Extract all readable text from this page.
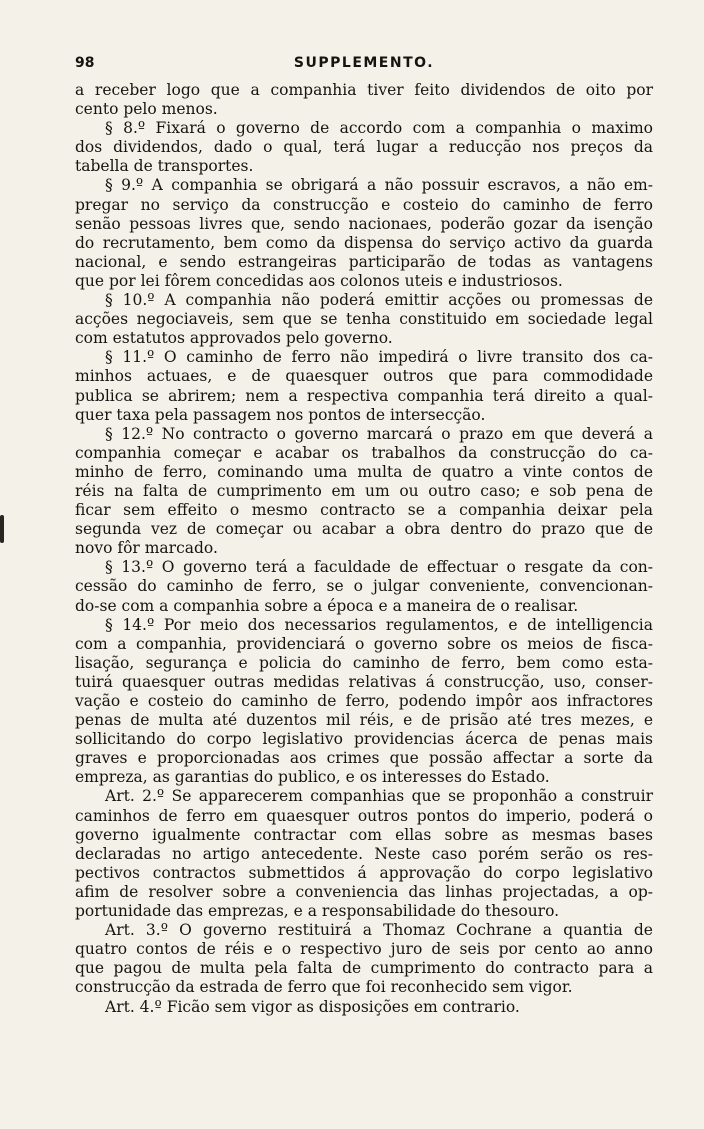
98	SUPPLEMENTO.
a receber logo que a companhia tiver feito dividendos de oito por
cento pelo menos.
§ 8.º Fixará o governo de accordo com a companhia o maximo
dos dividendos, dado o qual, terá lugar a reducção nos preços da
tabella de transportes.
§ 9.º A companhia se obrigará a não possuir escravos, a não em-
pregar no serviço da construcção e costeio do caminho de ferro
senão pessoas livres que, sendo nacionaes, poderão gozar da isenção
do recrutamento, bem como da dispensa do serviço activo da guarda
nacional, e sendo estrangeiras participarão de todas as vantagens
que por lei fôrem concedidas aos colonos uteis e industriosos.
§ 10.º A companhia não poderá emittir acções ou promessas de
acções negociaveis, sem que se tenha constituido em sociedade legal
com estatutos approvados pelo governo.
§ 11.º O caminho de ferro não impedirá o livre transito dos ca-
minhos actuaes, e de quaesquer outros que para commodidade
publica se abrirem; nem a respectiva companhia terá direito a qual-
quer taxa pela passagem nos pontos de intersecção.
§ 12.º No contracto o governo marcará o prazo em que deverá a
companhia começar e acabar os trabalhos da construcção do ca-
minho de ferro, cominando uma multa de quatro a vinte contos de
réis na falta de cumprimento em um ou outro caso; e sob pena de
ficar sem effeito o mesmo contracto se a companhia deixar pela
segunda vez de começar ou acabar a obra dentro do prazo que de
novo fôr marcado.
§ 13.º O governo terá a faculdade de effectuar o resgate da con-
cessão do caminho de ferro, se o julgar conveniente, convencionan-
do-se com a companhia sobre a época e a maneira de o realisar.
§ 14.º Por meio dos necessarios regulamentos, e de intelligencia
com a companhia, providenciará o governo sobre os meios de fisca-
lisação, segurança e policia do caminho de ferro, bem como esta-
tuirá quaesquer outras medidas relativas á construcção, uso, conser-
vação e costeio do caminho de ferro, podendo impôr aos infractores
penas de multa até duzentos mil réis, e de prisão até tres mezes, e
sollicitando do corpo legislativo providencias ácerca de penas mais
graves e proporcionadas aos crimes que possão affectar a sorte da
empreza, as garantias do publico, e os interesses do Estado.
Art. 2.º Se apparecerem companhias que se proponhão a construir
caminhos de ferro em quaesquer outros pontos do imperio, poderá o
governo igualmente contractar com ellas sobre as mesmas bases
declaradas no artigo antecedente. Neste caso porém serão os res-
pectivos contractos submettidos á approvação do corpo legislativo
afim de resolver sobre a conveniencia das linhas projectadas, a op-
portunidade das emprezas, e a responsabilidade do thesouro.
Art. 3.º O governo restituirá a Thomaz Cochrane a quantia de
quatro contos de réis e o respectivo juro de seis por cento ao anno
que pagou de multa pela falta de cumprimento do contracto para a
construcção da estrada de ferro que foi reconhecido sem vigor.
Art. 4.º Ficão sem vigor as disposições em contrario.
